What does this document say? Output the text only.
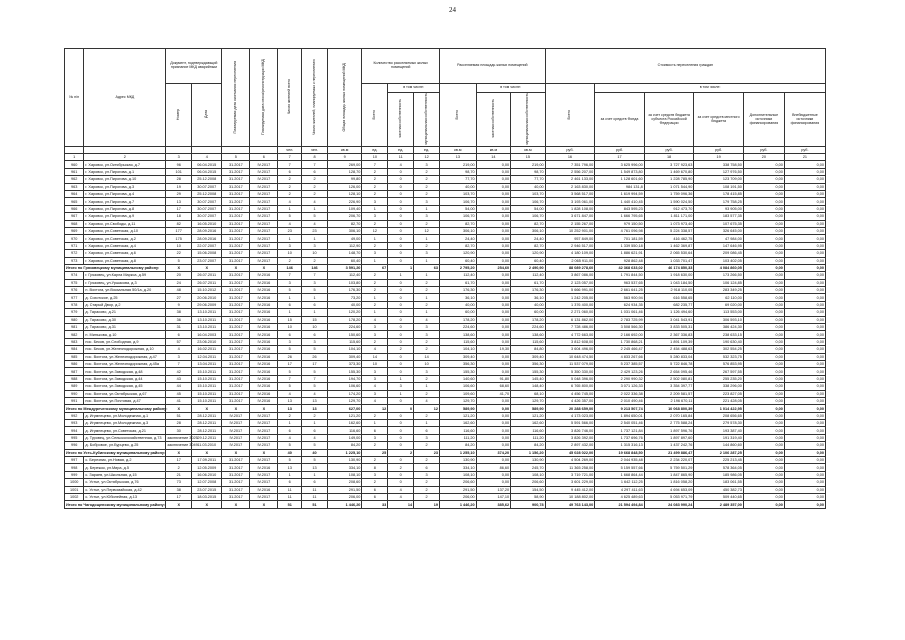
24
№ п/п	Адрес МКД	Документ, подтверждающий признание МКД аварийным		Планируемая дата окончания переселения	Планируемая дата сноса/реконструкции МКД	Число жителей всего	Число жителей, планируемых к переселению	Общая площадь жилых помещений МКД	Количество расселяемых жилых помещений			Расселяемая площадь жилых помещений			Стоимость переселения граждан					
		Номер	Дата						Всего	в том числе:		Всего	в том числе:		Всего	в том числе:				
										частная собственность	муниципальная собственность		частная собственность	муниципальная собственность		за счет средств Фонда	за счет средств бюджета субъекта Российской Федерации	за счет средств местного бюджета	Дополнительные источники финансирования	Внебюджетные источники финансирования
						чел.	чел.	кв.м	ед.	ед.	ед.	кв.м	кв.м	кв.м	руб.	руб.	руб.	руб.	руб.	руб.
1	2	3	4	5	6	7	8	9	10	11	12	13	14	15	16	17	18	19	20	21
960	г. Харовск, ул.Октябрьская, д.7	96	06.04.2015	31.2017	IV.2017	7	7	269,00	7	4	3	219,00	0,00	219,00	7 351 796,00	3 625 996,00	3 727 923,63	338 758,50	0,00	0,00
961	г. Харовск, ул.Пирогова, д.1	101	06.04.2015	31.2017	IV.2017	6	6	128,70	2	0	2	98,70	0,00	98,70	2 556 207,00	1 549 873,80	1 469 670,80	127 976,50	0,00	0,00
962	г. Харовск, ул.Пирогова, д.10	28	25.12.2008	31.2017	IV.2017	2	2	99,80	2	0	2	77,70	0,00	77,70	2 461 133,00	1 128 601,60	1 228 785,90	123 709,00	0,00	0,00
963	г. Харовск, ул.Пирогова, д.3	19	30.07.2007	31.2017	IV.2017	2	2	126,00	2	0	2	40,00	0,00	40,00	2 163 830,00	984 131,8	1 071 544,90	108 191,50	0,00	0,00
964	г. Харовск, ул.Пирогова, д.4	29	25.12.2008	31.2017	IV.2017	2	2	128,10	2	0	2	103,70	0,00	103,70	3 568 517,00	1 619 994,59	1 759 096,36	178 415,85	0,00	0,00
965	г. Харовск, ул.Пирогова, д.7	13	30.07.2007	31.2017	IV.2017	4	4	226,90	3	0	3	106,70	0,00	106,70	3 193 061,00	1 440 410,45	1 590 024,50	179 758,25	0,00	0,00
966	г. Харовск, ул.Пирогова, д.8	17	30.07.2007	31.2017	IV.2017	1	1	109,40	1	0	1	54,00	0,00	54,00	1 828 108,00	843 595,23	912 473,70	93 905,00	0,00	0,00
967	г. Харовск, ул.Пирогова, д.9	18	30.07.2007	31.2017	IV.2017	5	5	206,70	3	0	3	106,70	0,00	106,70	3 671 847,00	1 666 795,65	1 811 171,00	183 577,35	0,00	0,00
968	г. Харовск, ул.Свободы, д.11	82	16.05.2010	31.2017	IV.2017	4	4	82,70	2	0	2	82,70	0,00	82,70	2 155 267,00	979 150,50	1 073 973,40	107 675,35	0,00	0,00
969	г. Харовск, ул.Советская, д.10	177	28.09.2016	31.2017	IV.2017	23	23	306,10	12	0	12	306,10	0,00	306,10	10 252 901,00	4 761 096,98	5 224 338,57	326 645,00	0,00	0,00
970	г. Харовск, ул.Советская, д.2	175	28.09.2016	31.2017	IV.2017	1	1	49,00	1	0	1	24,40	0,00	24,40	957 849,00	701 181,59	416 462,75	47 984,00	0,00	0,00
971	г. Харовск, ул.Советская, д.4	10	22.07.2007	31.2017	IV.2017	3	3	112,90	2	0	2	82,70	0,00	82,70	2 946 517,00	1 339 550,18	1 462 369,87	147 646,95	0,00	0,00
972	г. Харовск, ул.Советская, д.6	22	15.06.2008	31.2017	IV.2017	10	10	148,70	3	0	3	120,90	0,00	120,90	4 180 109,00	1 886 621,91	2 065 530,64	209 086,45	0,00	0,00
973	г. Харовск, ул.Советская, д.8	5	23.07.2007	31.2017	IV.2017	2	2	60,40	1	0	1	60,40	0,00	60,40	2 065 911,00	928 862,48	1 033 701,47	103 402,05	0,00	0,00
Итого по Грязовецкому муниципальному району:		X	X	X	X	146	146	3 591,20	67	1	63	2 795,20	254,60	2 490,90	88 089 278,60	42 368 633,02	46 174 850,33	4 084 860,05	0,00	0,00
974	г. Грязовец, ул.Карла Маркса, д.59	20	26.07.2011	31.2017	IV.2016	7	7	112,40	2	1	1	112,40	0,00	112,40	3 867 086,00	1 791 844,50	1 918 630,00	173 266,50	0,00	0,00
975	г. Грязовец, ул.Уршакова, д.3	24	26.07.2011	31.2017	IV.2016	3	3	103,80	2	0	2	61,70	0,00	61,70	2 123 057,00	963 537,65	1 043 184,50	106 124,85	0,00	0,00
976	п. Вохтога, ул.Вокзальная 50/1а, д.20	48	15.10.2012	31.2017	IV.2016	5	5	176,30	2	0	2	176,30	0,00	176,30	5 666 991,00	2 661 641,25	2 918 110,05	283 349,25	0,00	0,00
977	д. Сохотское, д.25	27	20.06.2010	31.2017	IV.2016	1	1	73,20	1	0	1	36,10	0,00	36,10	1 242 205,00	563 900,94	616 558,65	62 110,00	0,00	0,00
978	д. Старый Двор, д.2	9	29.06.2009	31.2017	IV.2016	6	6	40,00	2	0	2	40,00	0,00	40,00	1 376 400,00	624 934,35	682 235,77	69 020,00	0,00	0,00
979	д. Тарасово, д.21	38	13.10.2011	31.2017	IV.2016	1	1	120,20	1	0	1	60,00	0,00	60,00	2 271 060,00	1 031 061,46	1 126 494,60	113 553,00	0,00	0,00
980	д. Тарасово, д.30	36	13.10.2011	31.2017	IV.2016	15	15	178,20	4	0	4	178,20	0,00	178,20	6 131 862,00	2 783 725,99	3 041 543,91	306 593,10	0,00	0,00
981	д. Тарасово, д.31	31	13.10.2011	31.2017	IV.2016	10	10	224,60	3	0	3	224,60	0,00	224,60	7 728 486,00	3 508 566,30	3 833 505,31	386 424,30	0,00	0,00
982	п. Минькова, д.10	6	16.04.2003	31.2017	IV.2016	6	6	150,60	3	0	3	138,60	0,00	138,60	4 772 663,00	2 166 692,00	2 367 336,83	238 633,15	0,00	0,00
983	пос. Беков, ул.Слободная, д.9	57	23.06.2010	31.2017	IV.2016	3	3	115,60	2	0	2	115,60	0,00	115,60	3 812 608,00	1 730 868,21	1 891 109,39	190 630,40	0,00	0,00
984	пос. Беков, ул.Железнодорожная, д.10	4	16.02.2011	31.2017	IV.2016	5	5	104,10	4	2	2	104,10	19,30	84,80	3 604 496,00	2 245 466,47	2 454 488,63	302 554,25	0,00	0,00
985	пос. Вохтога, ул.Железнодорожная, д.47	3	12.04.2011	31.2017	IV.2016	26	26	309,40	14	0	14	309,40	0,00	309,40	10 648 474,50	4 833 267,66	5 280 833,04	532 323,75	0,00	0,00
986	пос. Вохтога, ул.Железнодорожная, д.45а	7	13.04.2011	31.2017	IV.2016	17	17	373,30	10	0	10	356,30	0,00	356,30	11 537 079,00	5 237 385,57	5 722 846,78	576 853,95	0,00	0,00
987	пос. Вохтога, ул.Заводская, д.48	42	15.10.2011	31.2017	IV.2016	5	5	155,30	3	0	3	155,30	0,00	155,30	5 350 330,00	2 429 123,26	2 654 095,46	267 597,55	0,00	0,00
988	пос. Вохтога, ул.Заводская, д.44	43	15.10.2011	31.2017	IV.2016	7	7	194,70	3	1	2	140,60	91,80	145,40	5 048 396,00	2 290 990,32	2 502 080,81	255 235,20	0,00	0,00
989	пос. Вохтога, ул.Заводская, д.45	44	15.10.2011	31.2017	IV.2016	5	5	106,60	4	3	1	106,60	68,60	148,40	6 765 800,00	3 071 126,33	3 354 397,77	338 296,00	0,00	0,00
990	пос. Вохтога, ул.Октябрьская, д.67	45	15.10.2011	31.2017	IV.2016	4	4	174,20	3	1	2	109,60	41,70	68,10	4 456 745,00	2 022 336,38	2 209 581,57	223 827,05	0,00	0,00
991	пос. Вохтога, ул.Почтовая, д.47	41	15.10.2011	31.2017	IV.2016	13	13	129,70	4	0	4	129,70	0,00	129,70	4 426 357,00	2 010 490,46	2 196 670,11	221 428,05	0,00	0,00
Итого по Междуреченскому муниципальному району:		X	X	X	X	13	13	627,00	12	0	12	589,90	0,00	589,90	20 288 659,00	9 213 507,74	10 068 800,39	1 014 422,95	0,00	0,00
992	д. Игумнецево, ул.Молодежная, д.1	51	28.12.2011	IV.2017	IV.2017	2	2	121,20	2	0	2	121,20	0,00	121,20	4 173 023,00	1 894 650,01	2 070 165,84	208 656,65	0,00	0,00
993	д. Игумнецево, ул.Молодежная, д.3	28	28.12.2011	IV.2017	IV.2017	1	1	162,60	1	0	1	162,60	0,00	162,60	5 591 566,00	2 540 051,46	2 775 588,24	279 578,30	0,00	0,00
994	д. Игумнецево, ул.Советская, д.21	30	28.12.2011	IV.2017	IV.2017	6	6	116,60	6	0	6	116,60	0,00	116,60	3 826 746,00	1 737 121,84	1 897 596,76	193 387,40	0,00	0,00
995	д. Туровец, ул.Сельскохозяйственная, д.73	заключение 3025	29.12.2011	IV.2017	IV.2017	4	4	149,00	3	0	3	111,20	0,00	111,20	3 826 392,00	1 737 696,76	1 897 897,60	191 319,40	0,00	0,00
996	д. Бобровое, ул.Бурцево, д.25	заключение 3049	11.03.2010	IV.2017	IV.2017	5	5	84,20	2	0	2	84,20	0,00	84,20	2 897 432,00	1 315 316,13	1 437 242,76	144 860,60	0,00	0,00
Итого по Усть-Кубинскому муниципальному району:		X	X	X	X	40	40	1 225,10	25	2	23	1 255,10	374,20	1 156,20	45 028 022,00	19 668 848,50	21 499 886,47	2 106 287,25	0,00	0,00
997	с. Березник, ул.Новая, д.2	17	17.09.2011	31.2017	IV.2017	5	5	130,90	2	0	2	130,90	0,00	130,90	4 504 269,00	2 044 935,48	2 234 220,07	225 213,45	0,00	0,00
998	д. Бережок, ул.Мира, д.5	2	12.05.2009	31.2017	IV.2016	13	13	334,10	8	2	6	334,10	86,60	245,70	11 365 258,00	5 159 557,66	5 759 501,29	578 364,05	0,00	0,00
999	с. Зараев, ул.Школьная, д.15	21	16.06.2010	31.2017	IV.2017	1	1	108,10	3	0	3	108,10	0,00	108,10	3 719 721,00	1 668 864,44	1 847 865,90	185 986,05	0,00	0,00
1000	с. Устье, ул.Октябрьская, д.76	73	12.07.2008	31.2017	IV.2017	6	6	208,60	2	0	2	206,60	0,00	206,60	3 601 229,00	1 642 112,25	1 816 058,20	183 061,55	0,00	0,00
1001	с. Устье, ул.Первомайская, д.42	38	23.07.2015	31.2017	IV.2016	11	11	291,50	6	4	2	291,50	137,20	154,50	9 445 412,00	4 297 411,63	4 694 653,09	450 382,73	0,00	0,00
1002	с. Устье, ул.Юбилейная, д.13	17	18.03.2015	31.2017	IV.2017	11	11	206,00	6	4	2	206,00	147,10	58,90	10 188 802,00	4 625 489,63	5 053 971,79	509 440,65	0,00	0,00
Итого по Чагодощенскому муниципальному району:		X	X	X	X	51	51	1 446,20	33	14	19	1 446,20	385,62	900,78	49 763 143,00	21 594 494,84	24 083 990,24	2 489 357,00	0,00	0,00
